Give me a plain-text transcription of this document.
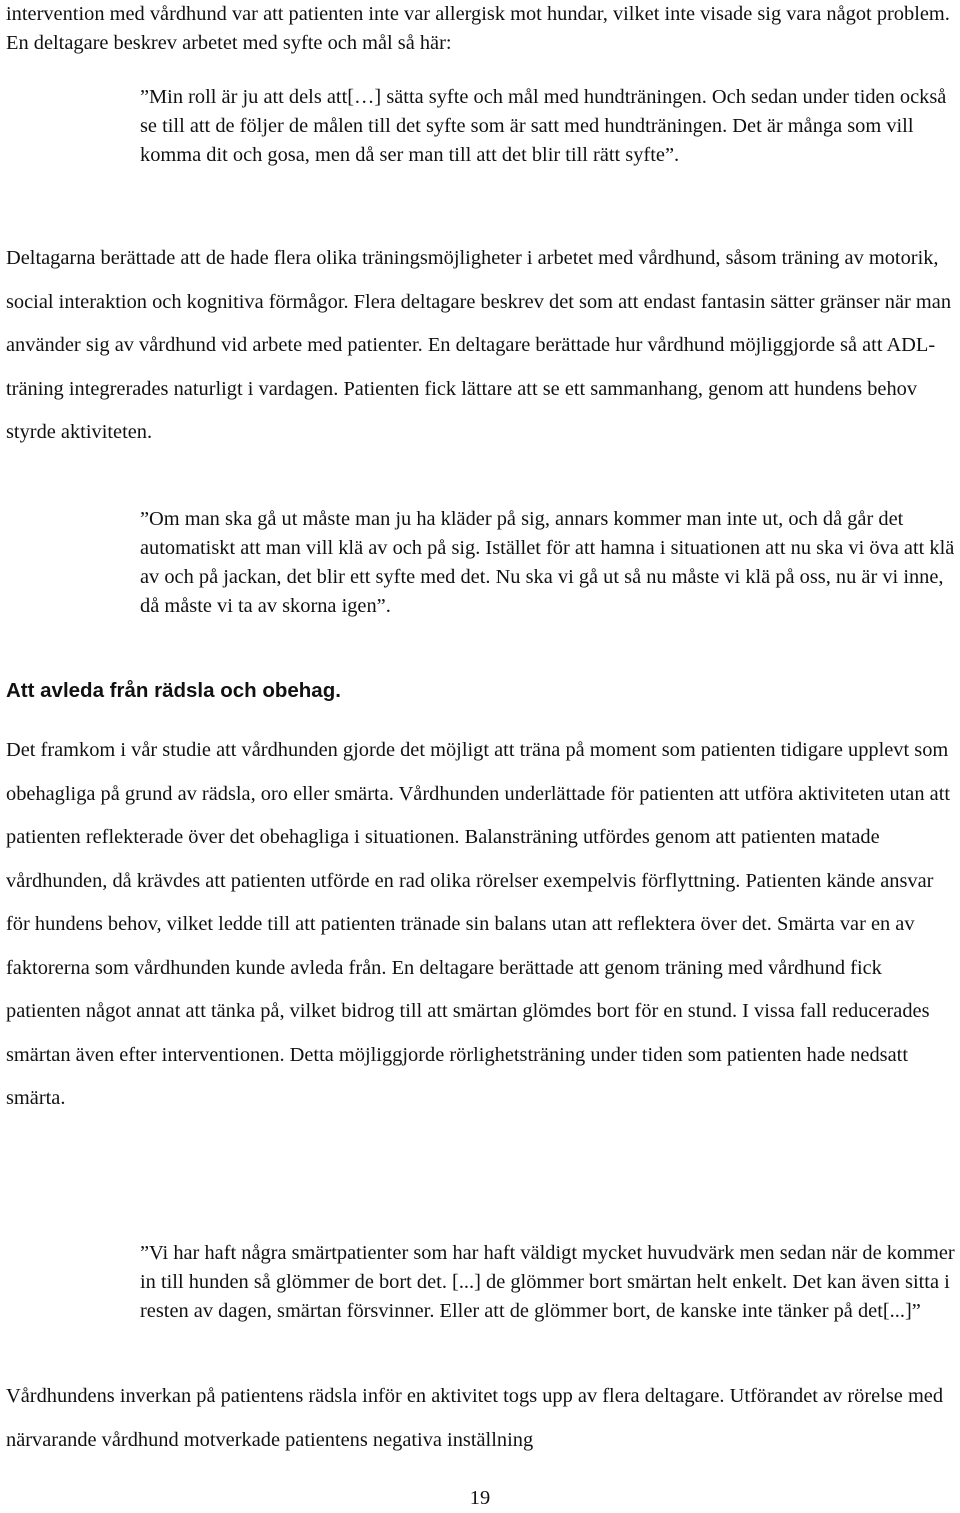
intervention med vårdhund var att patienten inte var allergisk mot hundar, vilket inte visade sig vara något problem. En deltagare beskrev arbetet med syfte och mål så här:

”Min roll är ju att dels att[…] sätta syfte och mål med hundträningen. Och sedan under tiden också se till att de följer de målen till det syfte som är satt med hundträningen. Det är många som vill komma dit och gosa, men då ser man till att det blir till rätt syfte”.

Deltagarna berättade att de hade flera olika träningsmöjligheter i arbetet med vårdhund, såsom träning av motorik, social interaktion och kognitiva förmågor. Flera deltagare beskrev det som att endast fantasin sätter gränser när man använder sig av vårdhund vid arbete med patienter. En deltagare berättade hur vårdhund möjliggjorde så att ADL-träning integrerades naturligt i vardagen. Patienten fick lättare att se ett sammanhang, genom att hundens behov styrde aktiviteten.

”Om man ska gå ut måste man ju ha kläder på sig, annars kommer man inte ut, och då går det automatiskt att man vill klä av och på sig. Istället för att hamna i situationen att nu ska vi öva att klä av och på jackan, det blir ett syfte med det. Nu ska vi gå ut så nu måste vi klä på oss, nu är vi inne, då måste vi ta av skorna igen”.

Att avleda från rädsla och obehag.

Det framkom i vår studie att vårdhunden gjorde det möjligt att träna på moment som patienten tidigare upplevt som obehagliga på grund av rädsla, oro eller smärta. Vårdhunden underlättade för patienten att utföra aktiviteten utan att patienten reflekterade över det obehagliga i situationen. Balansträning utfördes genom att patienten matade vårdhunden, då krävdes att patienten utförde en rad olika rörelser exempelvis förflyttning. Patienten kände ansvar för hundens behov, vilket ledde till att patienten tränade sin balans utan att reflektera över det. Smärta var en av faktorerna som vårdhunden kunde avleda från. En deltagare berättade att genom träning med vårdhund fick patienten något annat att tänka på, vilket bidrog till att smärtan glömdes bort för en stund. I vissa fall reducerades smärtan även efter interventionen. Detta möjliggjorde rörlighetsträning under tiden som patienten hade nedsatt smärta.

”Vi har haft några smärtpatienter som har haft väldigt mycket huvudvärk men sedan när de kommer in till hunden så glömmer de bort det. [...] de glömmer bort smärtan helt enkelt. Det kan även sitta i resten av dagen, smärtan försvinner. Eller att de glömmer bort, de kanske inte tänker på det[...]”

Vårdhundens inverkan på patientens rädsla inför en aktivitet togs upp av flera deltagare. Utförandet av rörelse med närvarande vårdhund motverkade patientens negativa inställning

19
